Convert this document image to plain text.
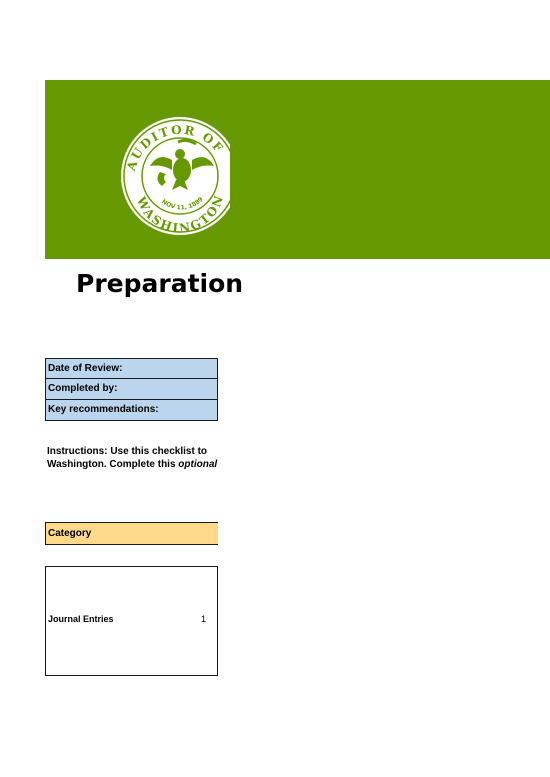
AUDITOR OF
WASHINGTON
NOV 11, 1889
Preparation
Date of Review:
Completed by:
Key recommendations:
Instructions: Use this checklist to
Washington. Complete this optional
Category
Journal Entries	1
